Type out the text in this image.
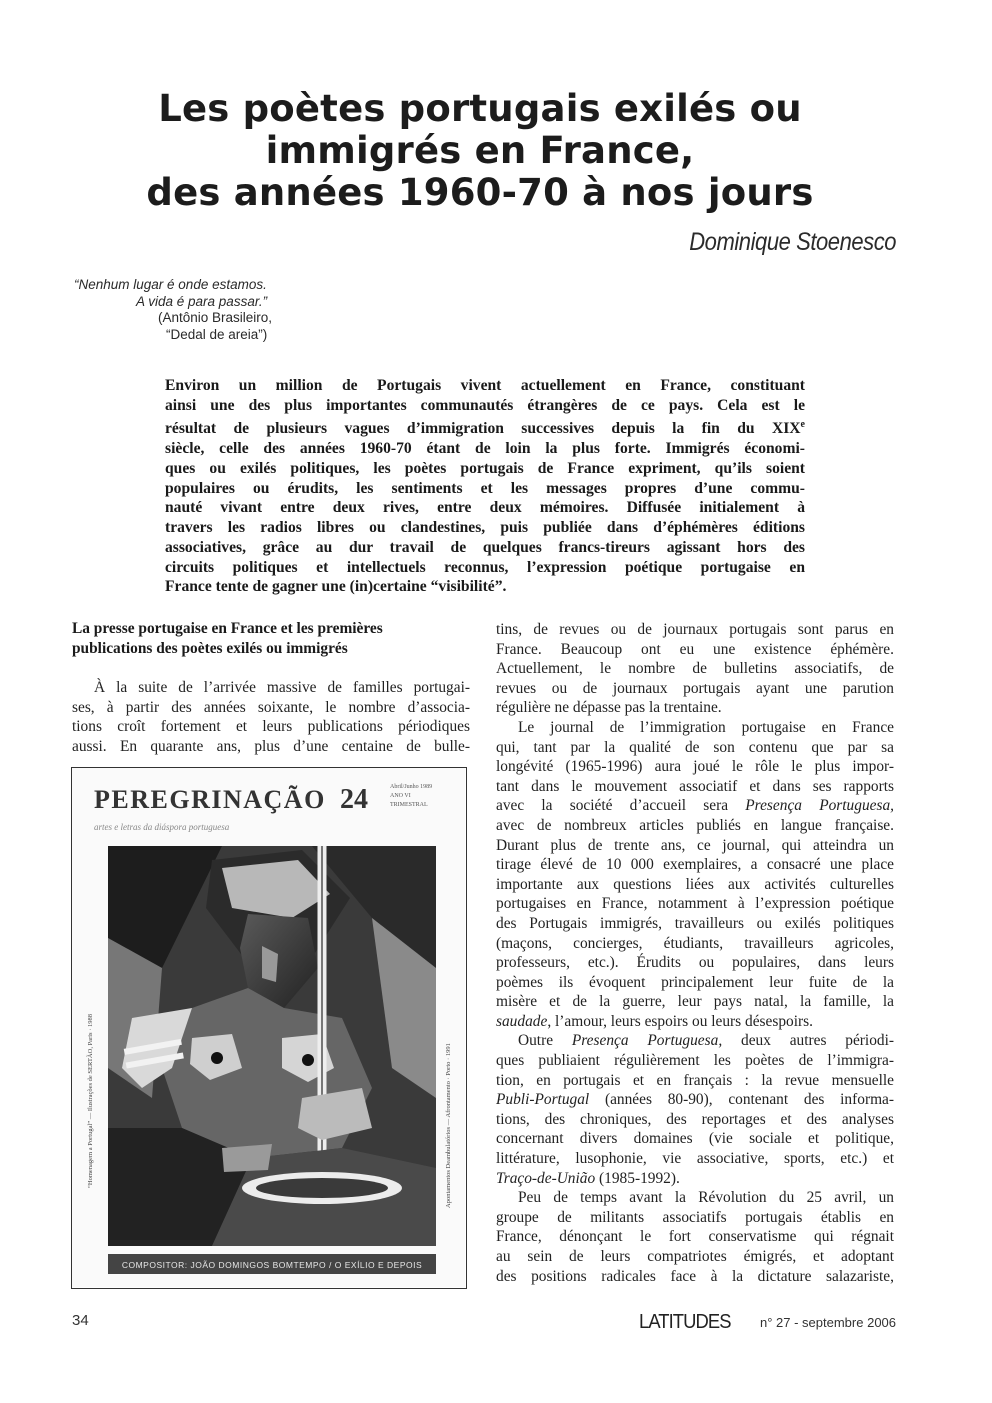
Les poètes portugais exilés ou
immigrés en France,
des années 1960-70 à nos jours
Dominique Stoenesco
“Nenhum lugar é onde estamos.
A vida é para passar.”
(Antônio Brasileiro,
“Dedal de areia”)
Environ un million de Portugais vivent actuellement en France, constituant
ainsi une des plus importantes communautés étrangères de ce pays. Cela est le
résultat de plusieurs vagues d’immigration successives depuis la fin du XIXe
siècle, celle des années 1960-70 étant de loin la plus forte. Immigrés économi-
ques ou exilés politiques, les poètes portugais de France expriment, qu’ils soient
populaires ou érudits, les sentiments et les messages propres d’une commu-
nauté vivant entre deux rives, entre deux mémoires. Diffusée initialement à
travers les radios libres ou clandestines, puis publiée dans d’éphémères éditions
associatives, grâce au dur travail de quelques francs-tireurs agissant hors des
circuits politiques et intellectuels reconnus, l’expression poétique portugaise en
France tente de gagner une (in)certaine “visibilité”.
La presse portugaise en France et les premières
publications des poètes exilés ou immigrés
À la suite de l’arrivée massive de familles portugai-
ses, à partir des années soixante, le nombre d’associa-
tions croît fortement et leurs publications périodiques
aussi. En quarante ans, plus d’une centaine de bulle-
PEREGRINAÇÃO 24	Abril/Junho 1989
ANO VI
TRIMESTRAL
artes e letras da diáspora portuguesa
“Homenagem a Portugal” — Ilustrações de SERTÃO, Paris · 1988	Apontamentos Deambulatórios — Afrontamento · Porto · 1991
COMPOSITOR: JOÃO DOMINGOS BOMTEMPO / O EXÍLIO E DEPOIS
tins, de revues ou de journaux portugais sont parus en
France. Beaucoup ont eu une existence éphémère.
Actuellement, le nombre de bulletins associatifs, de
revues ou de journaux portugais ayant une parution
régulière ne dépasse pas la trentaine.
Le journal de l’immigration portugaise en France
qui, tant par la qualité de son contenu que par sa
longévité (1965-1996) aura joué le rôle le plus impor-
tant dans le mouvement associatif et dans ses rapports
avec la société d’accueil sera Presença Portuguesa,
avec de nombreux articles publiés en langue française.
Durant plus de trente ans, ce journal, qui atteindra un
tirage élevé de 10 000 exemplaires, a consacré une place
importante aux questions liées aux activités culturelles
portugaises en France, notamment à l’expression poétique
des Portugais immigrés, travailleurs ou exilés politiques
(maçons, concierges, étudiants, travailleurs agricoles,
professeurs, etc.). Érudits ou populaires, dans leurs
poèmes ils évoquent principalement leur fuite de la
misère et de la guerre, leur pays natal, la famille, la
saudade, l’amour, leurs espoirs ou leurs désespoirs.
Outre Presença Portuguesa, deux autres périodi-
ques publiaient régulièrement les poètes de l’immigra-
tion, en portugais et en français : la revue mensuelle
Publi-Portugal (années 80-90), contenant des informa-
tions, des chroniques, des reportages et des analyses
concernant divers domaines (vie sociale et politique,
littérature, lusophonie, vie associative, sports, etc.) et
Traço-de-União (1985-1992).
Peu de temps avant la Révolution du 25 avril, un
groupe de militants associatifs portugais établis en
France, dénonçant le fort conservatisme qui régnait
au sein de leurs compatriotes émigrés, et adoptant
des positions radicales face à la dictature salazariste,
34	LATITUDES n° 27 - septembre 2006
